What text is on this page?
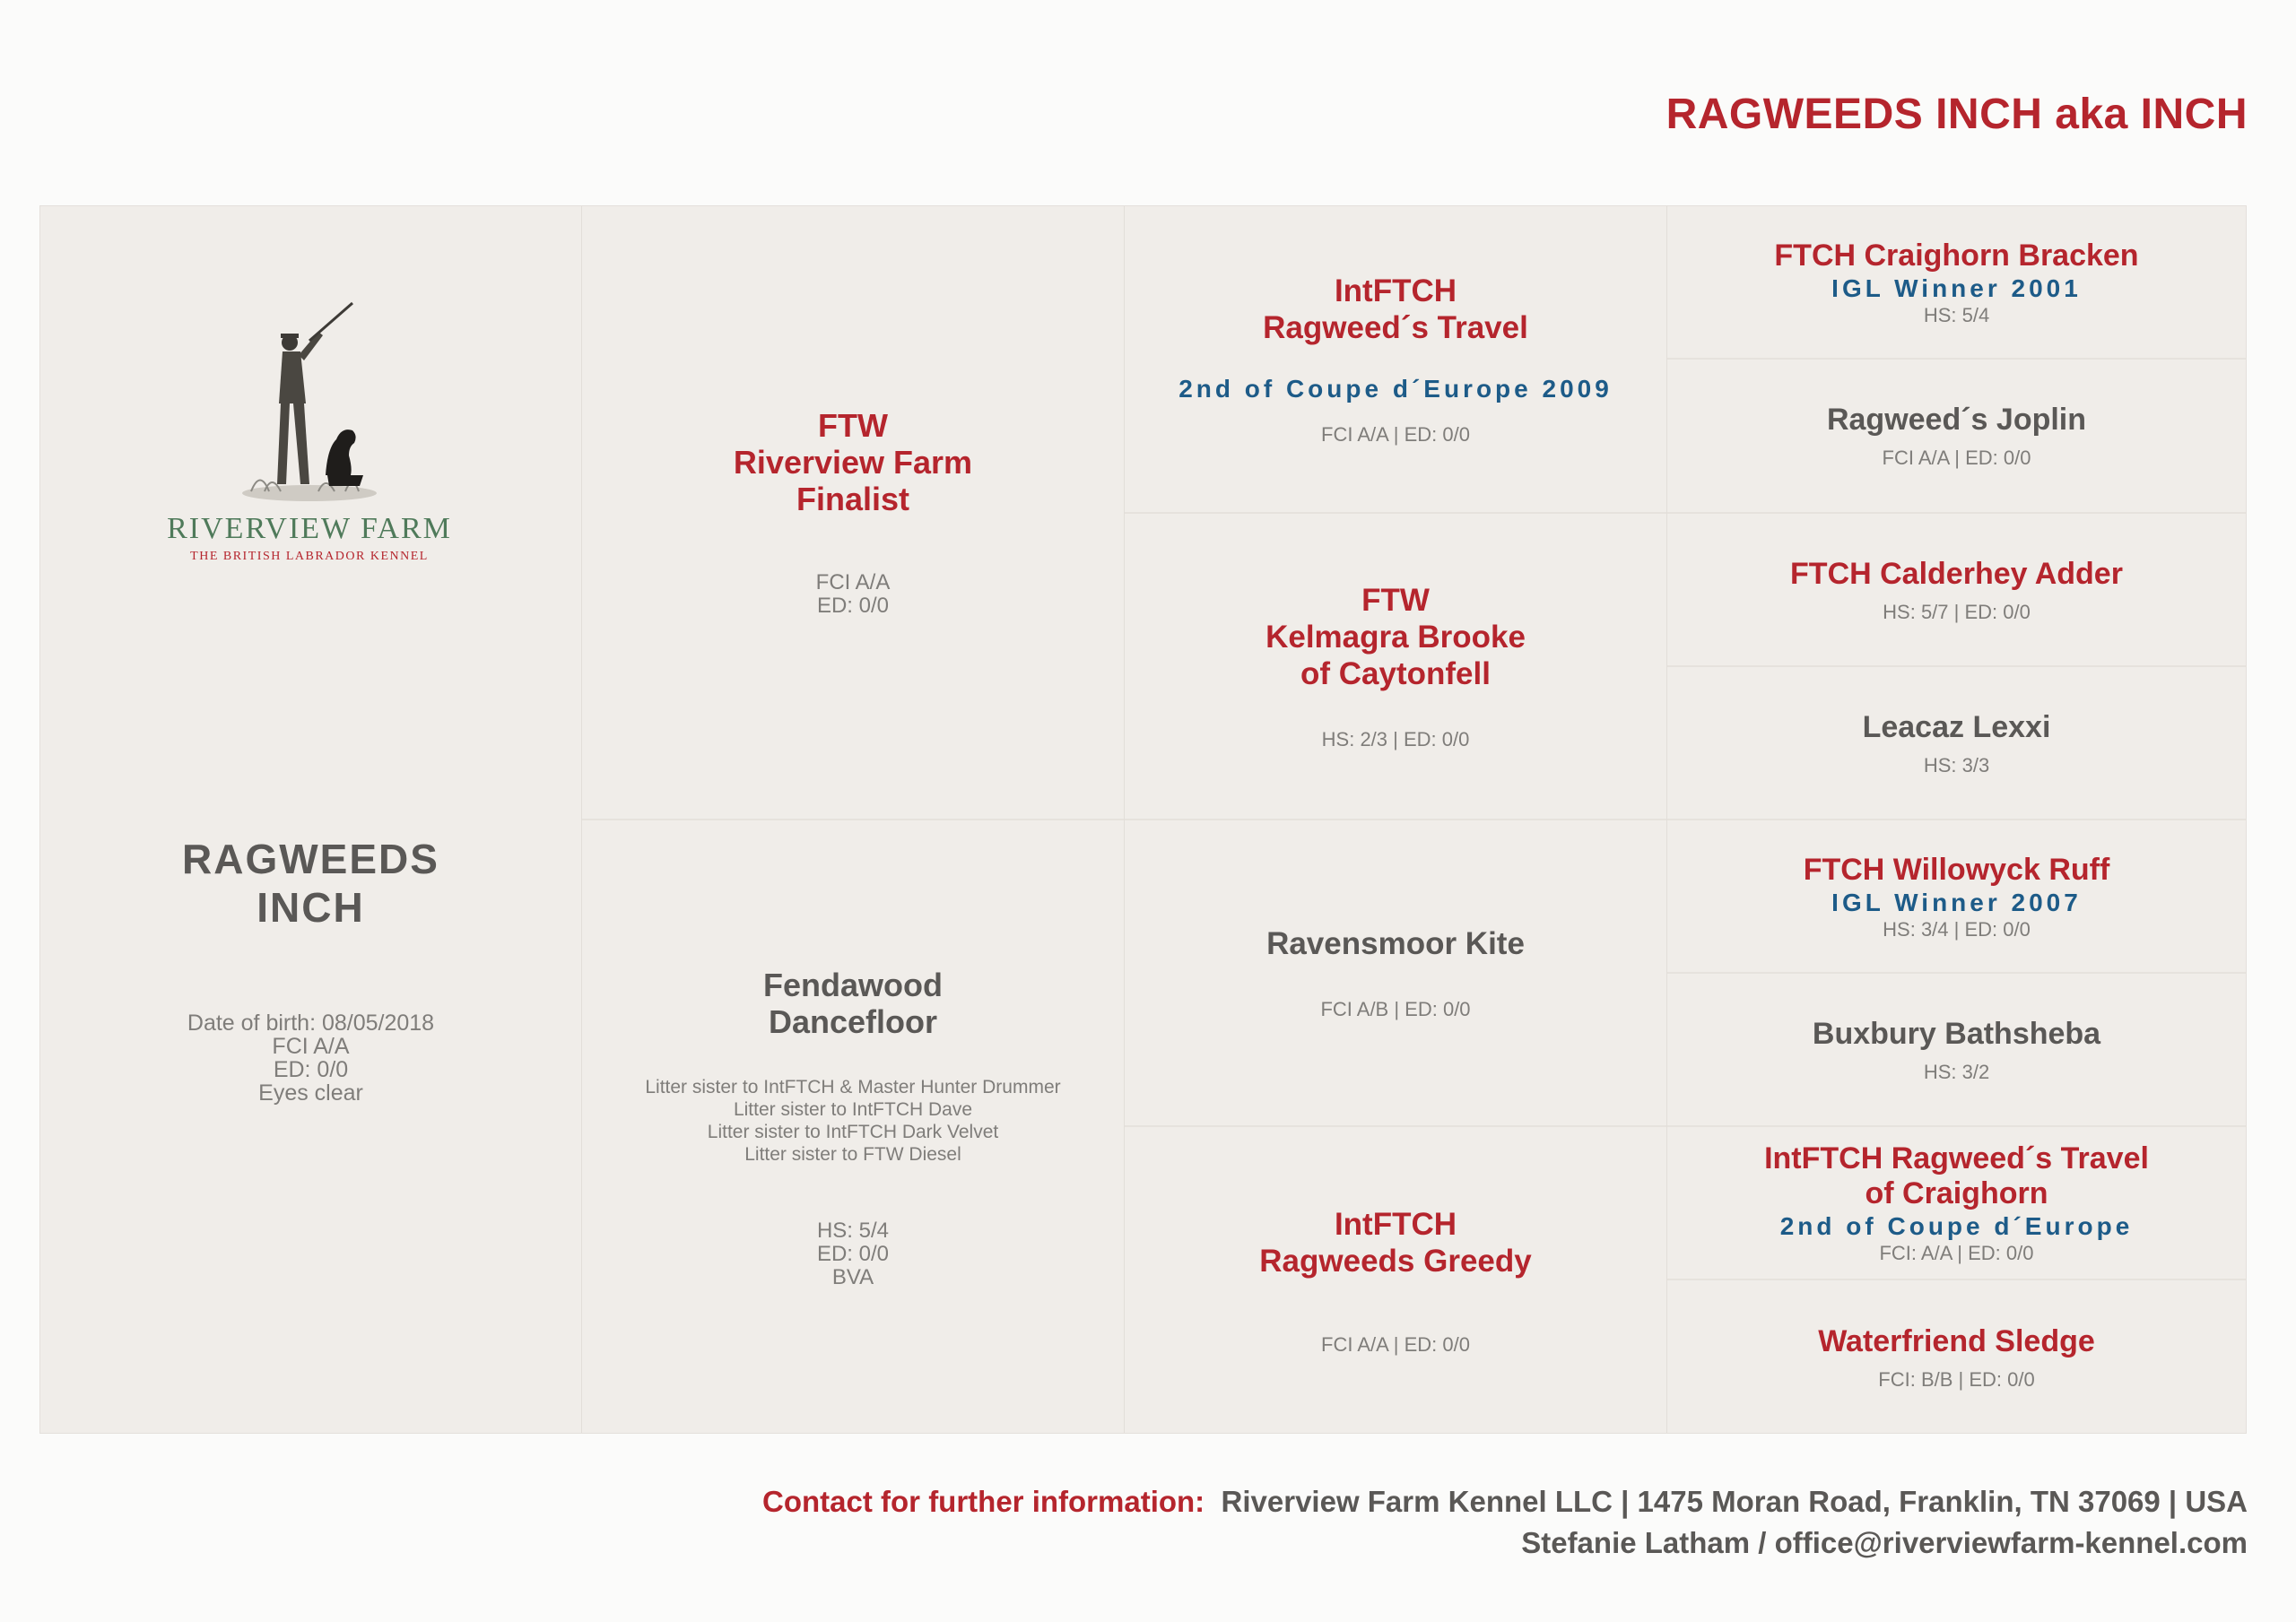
RAGWEEDS INCH aka INCH
RIVERVIEW FARM
THE BRITISH LABRADOR KENNEL
RAGWEEDS
INCH
Date of birth: 08/05/2018
FCI A/A
ED: 0/0
Eyes clear
FTW
Riverview Farm
Finalist
FCI A/A
ED: 0/0
Fendawood
Dancefloor
Litter sister to IntFTCH & Master Hunter Drummer
Litter sister to IntFTCH Dave
Litter sister to IntFTCH Dark Velvet
Litter sister to FTW Diesel
HS: 5/4
ED: 0/0
BVA
IntFTCH
Ragweed´s Travel
2nd of Coupe d´Europe 2009
FCI A/A | ED: 0/0
FTW
Kelmagra Brooke
of Caytonfell
HS: 2/3 | ED: 0/0
Ravensmoor Kite
FCI A/B | ED: 0/0
IntFTCH
Ragweeds Greedy
FCI A/A | ED: 0/0
FTCH Craighorn Bracken
IGL Winner 2001
HS: 5/4
Ragweed´s Joplin
FCI A/A | ED: 0/0
FTCH Calderhey Adder
HS: 5/7 | ED: 0/0
Leacaz Lexxi
HS: 3/3
FTCH Willowyck Ruff
IGL Winner 2007
HS: 3/4 | ED: 0/0
Buxbury Bathsheba
HS: 3/2
IntFTCH Ragweed´s Travel
of Craighorn
2nd of Coupe d´Europe
FCI: A/A | ED: 0/0
Waterfriend Sledge
FCI: B/B | ED: 0/0
Contact for further information: Riverview Farm Kennel LLC | 1475 Moran Road, Franklin, TN 37069 | USA
Stefanie Latham / office@riverviewfarm-kennel.com
